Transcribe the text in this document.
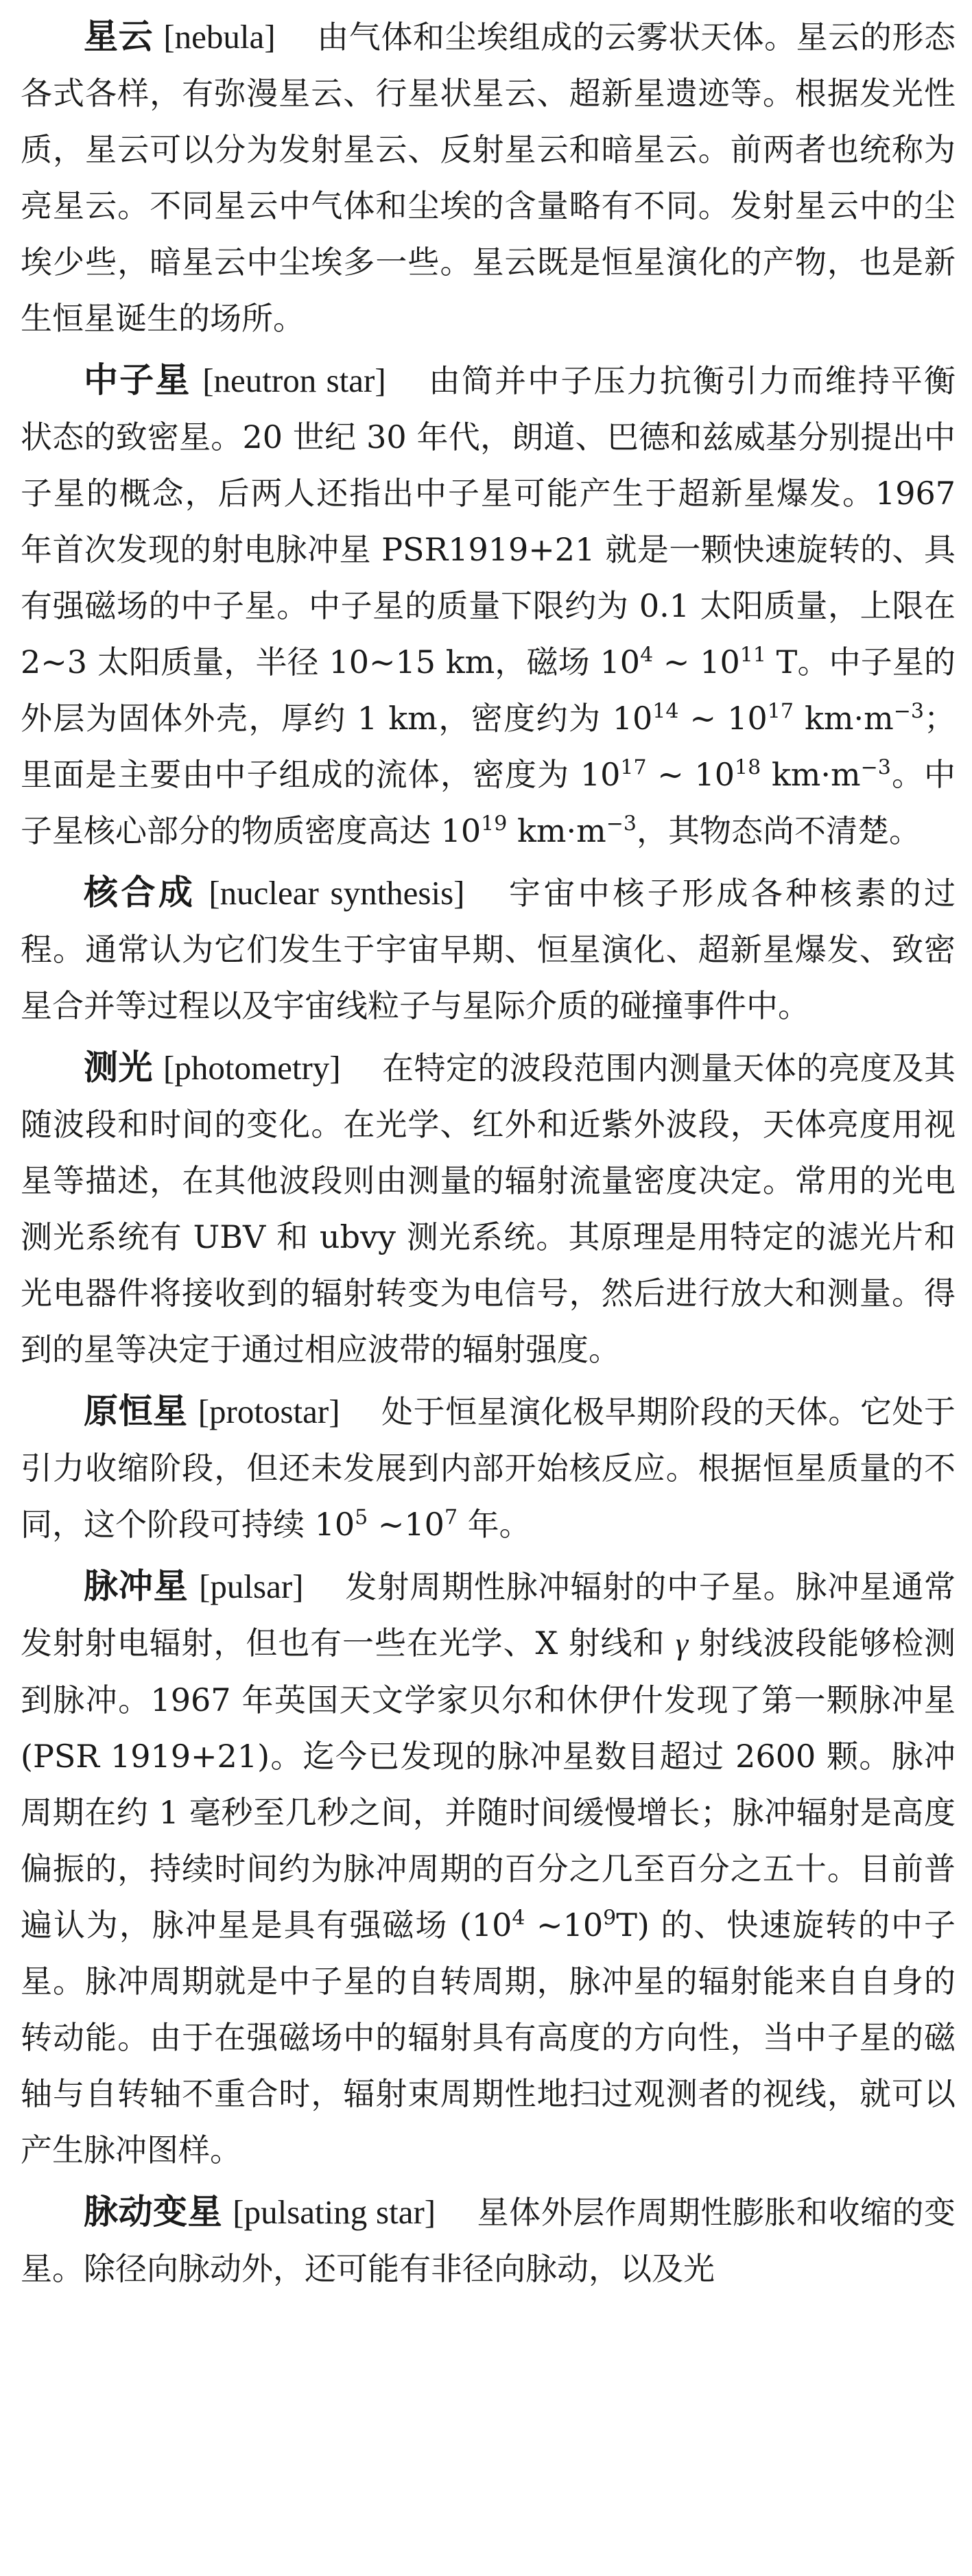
星云 [nebula] 由气体和尘埃组成的云雾状天体。星云的形态各式各样，有弥漫星云、行星状星云、超新星遗迹等。根据发光性质，星云可以分为发射星云、反射星云和暗星云。前两者也统称为亮星云。不同星云中气体和尘埃的含量略有不同。发射星云中的尘埃少些，暗星云中尘埃多一些。星云既是恒星演化的产物，也是新生恒星诞生的场所。

中子星 [neutron star] 由简并中子压力抗衡引力而维持平衡状态的致密星。20 世纪 30 年代，朗道、巴德和兹威基分别提出中子星的概念，后两人还指出中子星可能产生于超新星爆发。1967 年首次发现的射电脉冲星 PSR1919+21 就是一颗快速旋转的、具有强磁场的中子星。中子星的质量下限约为 0.1 太阳质量，上限在 2~3 太阳质量，半径 10~15 km，磁场 $10^4$ ~ $10^{11}$ T。中子星的外层为固体外壳，厚约 1 km，密度约为 $10^{14}$ ~ $10^{17}$ $km\cdot m^{-3}$；里面是主要由中子组成的流体，密度为 $10^{17}$ ~ $10^{18}$ $km\cdot m^{-3}$。中子星核心部分的物质密度高达 $10^{19}$ $km\cdot m^{-3}$，其物态尚不清楚。

核合成 [nuclear synthesis] 宇宙中核子形成各种核素的过程。通常认为它们发生于宇宙早期、恒星演化、超新星爆发、致密星合并等过程以及宇宙线粒子与星际介质的碰撞事件中。

测光 [photometry] 在特定的波段范围内测量天体的亮度及其随波段和时间的变化。在光学、红外和近紫外波段，天体亮度用视星等描述，在其他波段则由测量的辐射流量密度决定。常用的光电测光系统有 UBV 和 ubvy 测光系统。其原理是用特定的滤光片和光电器件将接收到的辐射转变为电信号，然后进行放大和测量。得到的星等决定于通过相应波带的辐射强度。

原恒星 [protostar] 处于恒星演化极早期阶段的天体。它处于引力收缩阶段，但还未发展到内部开始核反应。根据恒星质量的不同，这个阶段可持续 $10^5$ $\sim 10^7$ 年。

脉冲星 [pulsar] 发射周期性脉冲辐射的中子星。脉冲星通常发射射电辐射，但也有一些在光学、X 射线和 γ 射线波段能够检测到脉冲。1967 年英国天文学家贝尔和休伊什发现了第一颗脉冲星 (PSR 1919+21)。迄今已发现的脉冲星数目超过 2600 颗。脉冲周期在约 1 毫秒至几秒之间，并随时间缓慢增长；脉冲辐射是高度偏振的，持续时间约为脉冲周期的百分之几至百分之五十。目前普遍认为，脉冲星是具有强磁场 ($10^4$ $\sim 10^9T$) 的、快速旋转的中子星。脉冲周期就是中子星的自转周期，脉冲星的辐射能来自自身的转动能。由于在强磁场中的辐射具有高度的方向性，当中子星的磁轴与自转轴不重合时，辐射束周期性地扫过观测者的视线，就可以产生脉冲图样。

脉动变星 [pulsating star] 星体外层作周期性膨胀和收缩的变星。除径向脉动外，还可能有非径向脉动，以及光
